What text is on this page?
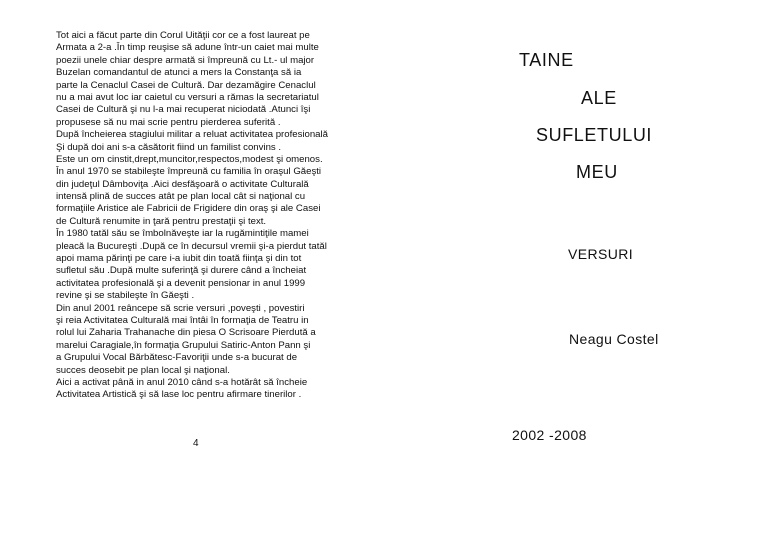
Tot aici a făcut parte din Corul Uităţii cor ce a fost laureat pe
Armata a 2-a .În timp reuşise să adune într-un caiet mai multe
poezii unele chiar despre armată si împreună cu Lt.- ul major
Buzelan comandantul de atunci a mers la Constanţa să ia
parte la Cenaclul Casei de Cultură. Dar dezamăgire Cenaclul
nu a mai avut loc iar caietul cu versuri a rămas la secretariatul
Casei de Cultură şi nu l-a mai recuperat niciodată .Atunci îşi
propusese să nu mai scrie pentru pierderea suferită .
După încheierea stagiului militar a reluat activitatea profesională
Şi după doi ani s-a căsătorit fiind un familist convins .
Este un om cinstit,drept,muncitor,respectos,modest şi omenos.
În anul 1970 se stabileşte împreună cu familia în oraşul Găeşti
din judeţul Dâmboviţa .Aici desfăşoară o activitate Culturală
intensă plină de succes atât pe plan local cât si naţional cu
formaţiile Aristice ale Fabricii de Frigidere din oraş şi ale Casei
de Cultură renumite in ţară pentru prestaţii şi text.
În 1980 tatăl său se îmbolnăveşte iar la rugămintiţile mamei
pleacă la Bucureşti .După ce în decursul vremii şi-a pierdut tatăl
apoi mama părinţi pe care i-a iubit din toată fiinţa şi din tot
sufletul său .După multe suferinţă şi durere când a încheiat
activitatea profesională şi a devenit pensionar in anul 1999
revine şi se stabileşte în Găeşti .
Din anul 2001 reâncepe să scrie versuri ,poveşti , povestiri
şi reia Activitatea Culturală mai întâi în formaţia de Teatru in
rolul lui Zaharia Trahanache din piesa O Scrisoare Pierdută a
marelui Caragiale,în formaţia Grupului Satiric-Anton Pann şi
a Grupului Vocal Bărbătesc-Favoriţii unde s-a bucurat de
succes deosebit pe plan local şi naţional.
Aici a activat până in anul 2010 când s-a hotărât să încheie
Activitatea Artistică şi să lase loc pentru afirmare tinerilor .
4
TAINE
ALE
SUFLETULUI
MEU
VERSURI
Neagu Costel
2002 -2008
